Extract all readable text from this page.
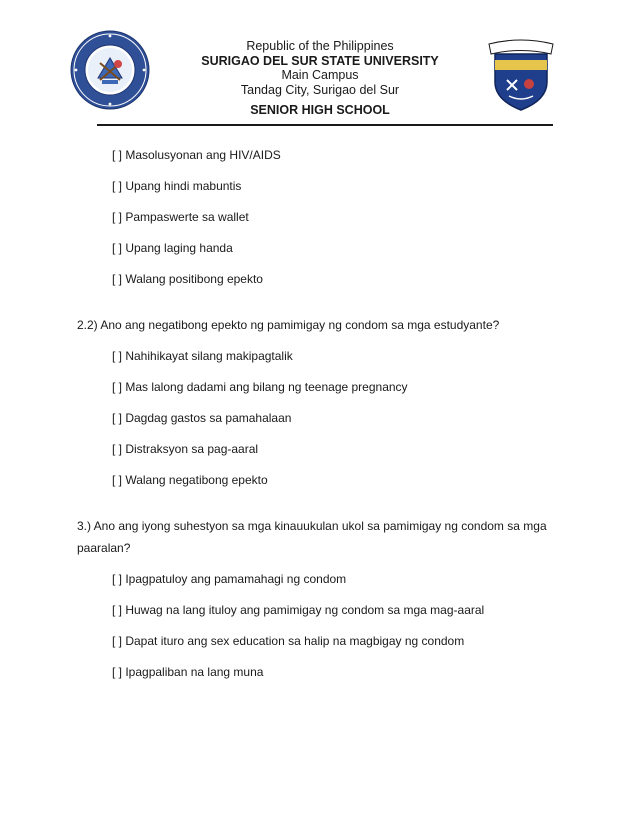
Republic of the Philippines
SURIGAO DEL SUR STATE UNIVERSITY
Main Campus
Tandag City, Surigao del Sur
SENIOR HIGH SCHOOL
[ ] Masolusyonan ang HIV/AIDS
[ ] Upang hindi mabuntis
[ ] Pampaswerte sa wallet
[ ] Upang laging handa
[ ] Walang positibong epekto
2.2) Ano ang negatibong epekto ng pamimigay ng condom sa mga estudyante?
[ ] Nahihikayat silang makipagtalik
[ ] Mas lalong dadami ang bilang ng teenage pregnancy
[ ] Dagdag gastos sa pamahalaan
[ ] Distraksyon sa pag-aaral
[ ] Walang negatibong epekto
3.) Ano ang iyong suhestyon sa mga kinauukulan ukol sa pamimigay ng condom sa mga
paaralan?
[ ] Ipagpatuloy ang pamamahagi ng condom
[ ] Huwag na lang ituloy ang pamimigay ng condom sa mga mag-aaral
[ ] Dapat ituro ang sex education sa halip na magbigay ng condom
[ ] Ipagpaliban na lang muna
